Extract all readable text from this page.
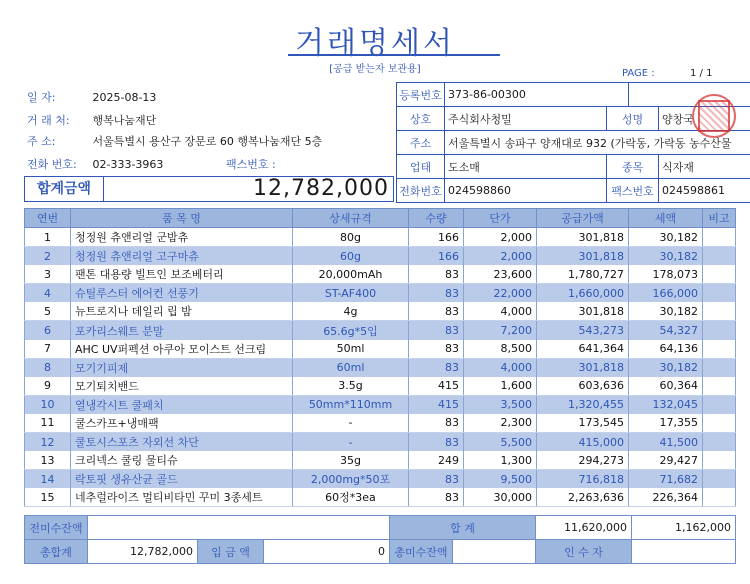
거래명세서
[공급 받는자 보관용]	PAGE :	1 / 1
일 자:	2025-08-13
거 래 처: 행복나눔재단
주 소:	서울특별시 용산구 장문로 60 행복나눔재단 5층
전화 번호: 02-333-3963	팩스번호 :
합계금액	12,782,000
등록번호	373-86-00300			
상호	주식회사청밀	성명		양창국
주소	서울특별시 송파구 양재대로 932 (가락동, 가락동 농수산물			
업태	도소매	종목		식자재
전화번호	024598860	팩스번호		024598861
연번	품 목 명	상세규격	수량	단가	공급가액	세액	비고
1	청정원 츄앤리얼 군밤츄	80g	166	2,000	301,818	30,182	
2	청정원 츄앤리얼 고구마츄	60g	166	2,000	301,818	30,182	
3	팬톤 대용량 빌트인 보조베터리	20,000mAh	83	23,600	1,780,727	178,073	
4	슈틸루스터 에어컨 선풍기	ST-AF400	83	22,000	1,660,000	166,000	
5	뉴트로지나 데일리 립 밤	4g	83	4,000	301,818	30,182	
6	포카리스웨트 분말	65.6g*5입	83	7,200	543,273	54,327	
7	AHC UV퍼펙션 아쿠아 모이스트 선크림	50ml	83	8,500	641,364	64,136	
8	모기기피제	60ml	83	4,000	301,818	30,182	
9	모기퇴치밴드	3.5g	415	1,600	603,636	60,364	
10	열냉각시트 쿨패치	50mm*110mm	415	3,500	1,320,455	132,045	
11	쿨스카프+냉매팩	-	83	2,300	173,545	17,355	
12	쿨토시스포츠 자외선 차단	-	83	5,500	415,000	41,500	
13	크리넥스 쿨링 물티슈	35g	249	1,300	294,273	29,427	
14	락토핏 생유산균 골드	2,000mg*50포	83	9,500	716,818	71,682	
15	네추럴라이즈 멀티비타민 꾸미 3종세트	60정*3ea	83	30,000	2,263,636	226,364	
전미수잔액				합 계		11,620,000	1,162,000
총합계	12,782,000	입 금 액	0	총미수잔액		인 수 자	
